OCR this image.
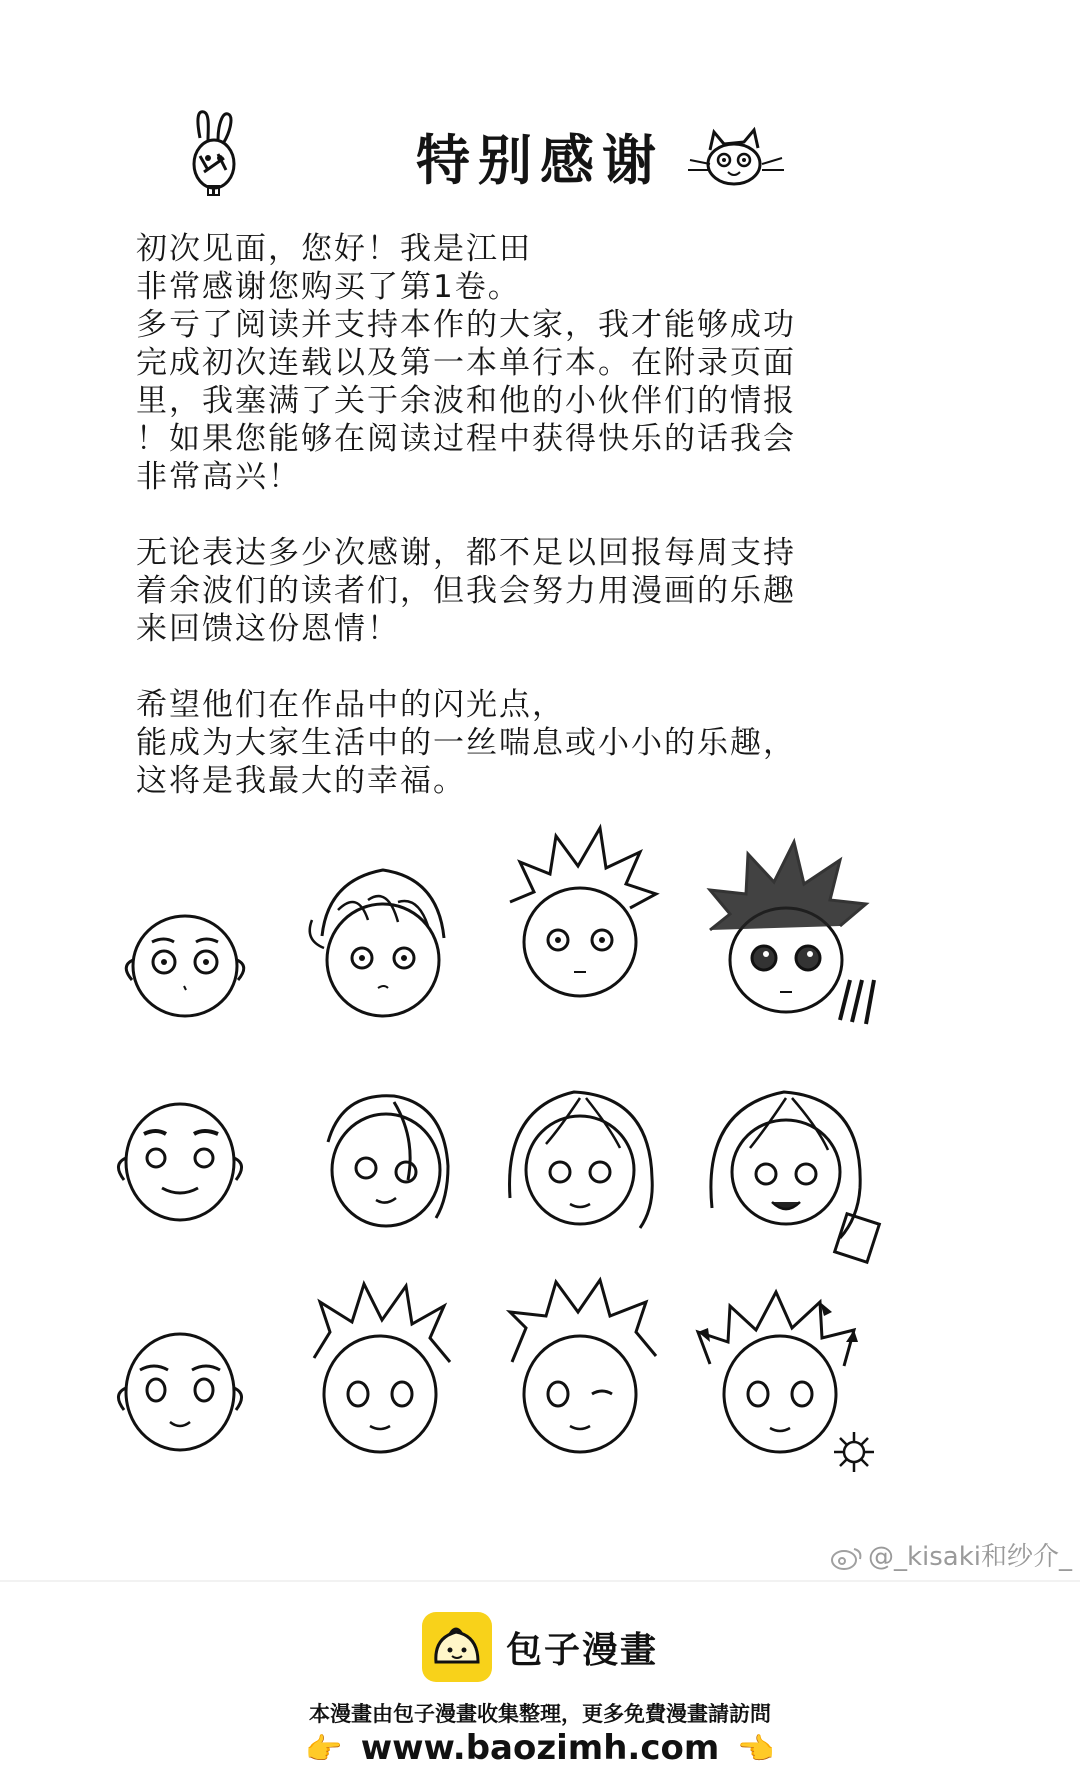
特别感谢
初次见面，您好！我是江田
非常感谢您购买了第1卷。
多亏了阅读并支持本作的大家，我才能够成功
完成初次连载以及第一本单行本。在附录页面
里，我塞满了关于余波和他的小伙伴们的情报
！如果您能够在阅读过程中获得快乐的话我会
非常高兴！
无论表达多少次感谢，都不足以回报每周支持
着余波们的读者们，但我会努力用漫画的乐趣
来回馈这份恩情！
希望他们在作品中的闪光点，
能成为大家生活中的一丝喘息或小小的乐趣，
这将是我最大的幸福。
@_kisaki和纱介_
包子漫畫
本漫畫由包子漫畫收集整理，更多免費漫畫請訪問
👉 www.baozimh.com 👈
